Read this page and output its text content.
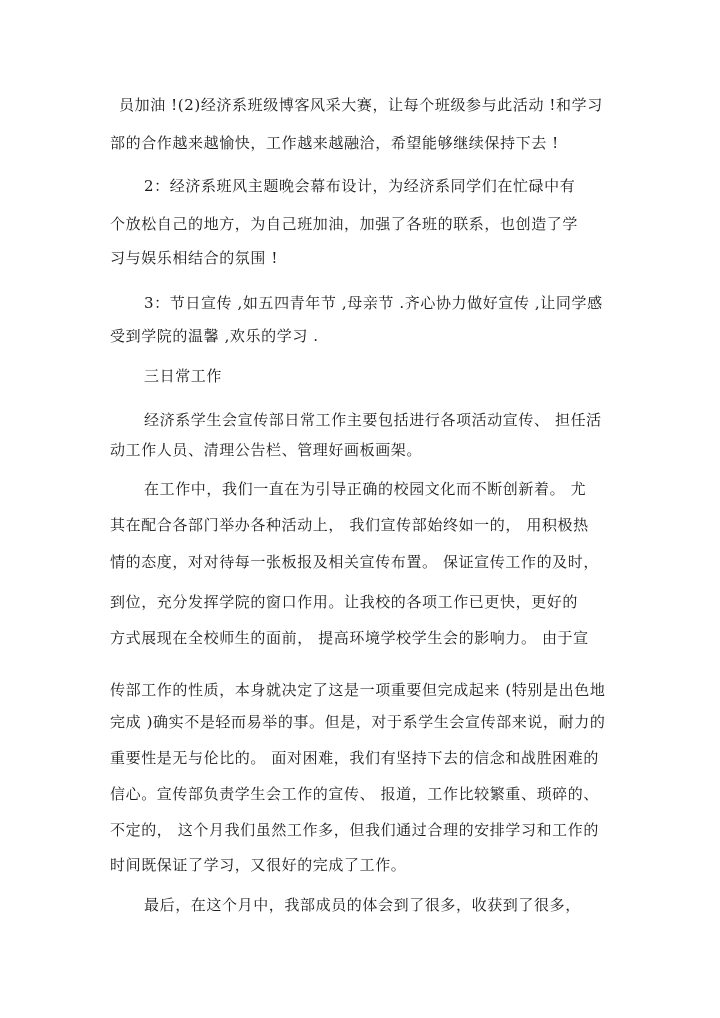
员加油 !(2)经济系班级博客风采大赛，让每个班级参与此活动 !和学习
部的合作越来越愉快，工作越来越融洽，希望能够继续保持下去 !
2：经济系班风主题晚会幕布设计，为经济系同学们在忙碌中有
个放松自己的地方，为自己班加油，加强了各班的联系，也创造了学
习与娱乐相结合的氛围 !
3：节日宣传 ,如五四青年节 ,母亲节 .齐心协力做好宣传 ,让同学感
受到学院的温馨 ,欢乐的学习 .
三日常工作
经济系学生会宣传部日常工作主要包括进行各项活动宣传、 担任活
动工作人员、清理公告栏、管理好画板画架。
在工作中，我们一直在为引导正确的校园文化而不断创新着。 尤
其在配合各部门举办各种活动上， 我们宣传部始终如一的， 用积极热
情的态度，对对待每一张板报及相关宣传布置。 保证宣传工作的及时，
到位，充分发挥学院的窗口作用。让我校的各项工作已更快，更好的
方式展现在全校师生的面前， 提高环境学校学生会的影响力。 由于宣
传部工作的性质，本身就决定了这是一项重要但完成起来 (特别是出色地
完成 )确实不是轻而易举的事。但是，对于系学生会宣传部来说，耐力的
重要性是无与伦比的。 面对困难，我们有坚持下去的信念和战胜困难的
信心。宣传部负责学生会工作的宣传、 报道，工作比较繁重、琐碎的、
不定的， 这个月我们虽然工作多，但我们通过合理的安排学习和工作的
时间既保证了学习，又很好的完成了工作。
最后，在这个月中，我部成员的体会到了很多，收获到了很多，
